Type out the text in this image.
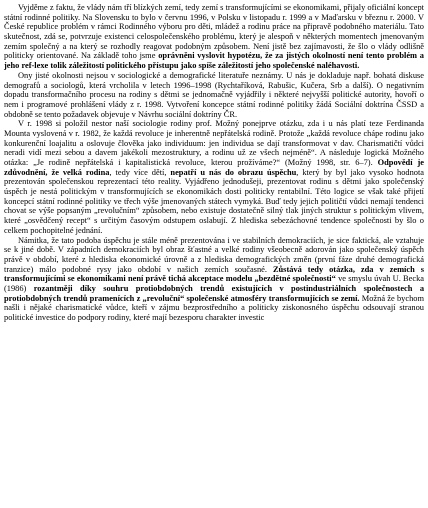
Vyjděme z faktu, že vlády nám tří blízkých zemí, tedy zemí s transformujícími se ekonomikami, přijaly oficiální koncept státní rodinné politiky. Na Slovensku to bylo v červnu 1996, v Polsku v listopadu r. 1999 a v Maďarsku v březnu r. 2000. V České republice problém v rámci Rodinného výboru pro děti, mládež a rodinu práce na připravě podobného materiálu. Tato skutečnost, zdá se, potvrzuje existenci celospolečenského problému, který je alespoň v některých momentech jmenovaným zemím společný a na který se rozhodly reagovat podobným způsobem. Není jistě bez zajímavosti, že šlo o vlády odlišně politicky orientované. Na základě toho jsme oprávněni vyslovit hypotézu, že za jistých okolností není tento problém a jeho ref-lexe tolik záležitostí politického přístupu jako spíše záležitostí jeho společenské naléhavosti.

Ony jisté okolnosti nejsou v sociologické a demografické literatuře neznámy. U nás je dokladuje např. bohatá diskuse demografů a sociologů, která vrcholila v letech 1996–1998 (Rychtaříková, Rabušic, Kučera, Srb a další). O negativním dopadu transformačního procesu na rodiny s dětmi se jednomačně vyjádřily i některé nejvyšší politické autority, hovoří o nem i programové prohlášení vlády z r. 1998. Vytvoření koncepce státní rodinné politiky žádá Sociální doktrína ČSSD a obdobně se tento požadavek objevuje v Návrhu sociální doktríny ČR.

V r. 1998 si položil nestor naší sociologie rodiny prof. Možný ponejprve otázku, zda i u nás platí teze Ferdinanda Mounta vyslovená v r. 1982, že každá revoluce je inherentně nepřátelská rodině. Protože „každá revoluce chápe rodinu jako konkurenční loajalitu a oslovuje člověka jako individuum: jen individua se dají transformovat v dav. Charismatičtí vůdci neradi vidí mezi sebou a davem jakékoli mezostruktury, a rodinu už ze všech nejméně“. A následuje logická Možného otázka: „Je rodině nepřátelská i kapitalistická revoluce, kterou prožíváme?“ (Možný 1998, str. 6–7). Odpovědí je zdůvodnění, že velká rodina, tedy více dětí, nepatří u nás do obrazu úspěchu, který by byl jako vysoko hodnota prezentován společenskou reprezentací této reality. Vyjádřeno jednodušeji, prezentovat rodinu s dětmi jako společenský úspěch je nestá politickým v transformujících se ekonomikách dosti politicky rentabilní. Této logice se však také přijetí koncepcí státní rodinné politiky ve třech výše jmenovaných státech vymyká. Buď tedy jejich političtí vůdci nemají tendenci chovat se výše popsaným „revolučním“ způsobem, nebo existuje dostatečně silný tlak jiných struktur s politickým vlivem, které „osvědčený recept“ s určitým časovým odstupem oslabují. Z hlediska sebezáchovné tendence společnosti by šlo o celkem pochopitelné jednání.

Námitka, že tato podoba úspěchu je stále méně prezentována i ve stabilních demokraciích, je sice faktická, ale vztahuje se k jiné době. V západních demokraciích byl obraz šťastné a velké rodiny všeobecně adorován jako společenský úspěch právě v období, které z hlediska ekonomické úrovně a z hlediska demografických změn (první fáze druhé demografická tranzice) málo podobné rysy jako období v našich zemích současné. Zůstává tedy otázka, zda v zemích s transformujícími se ekonomikami není právě tichá akceptace modelu „bezdětné společnosti“ ve smyslu úvah U. Becka (1986) rozantměji díky souhru protiobdobných trendů existujících v postindustriálních společnostech a protiobdobných trendů pramenících z „revoluční“ společenské atmosféry transformujících se zemí. Možná že bychom našli i nějaké charismatické vůdce, kteří v zájmu bezprostředního a politicky ziskonosného úspěchu odsouvají stranou politické investice do podpory rodiny, které mají bezesporu charakter investic
